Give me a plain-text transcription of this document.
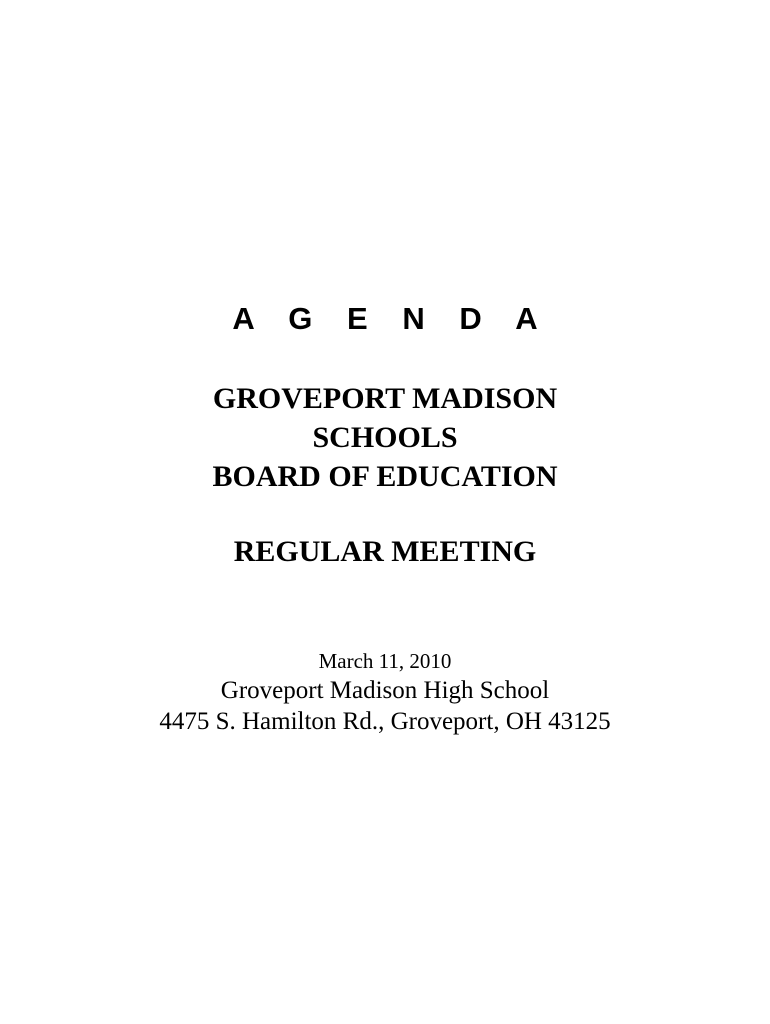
A G E N D A
GROVEPORT MADISON
SCHOOLS
BOARD OF EDUCATION
REGULAR MEETING
March 11, 2010
Groveport Madison High School
4475 S. Hamilton Rd., Groveport, OH 43125
